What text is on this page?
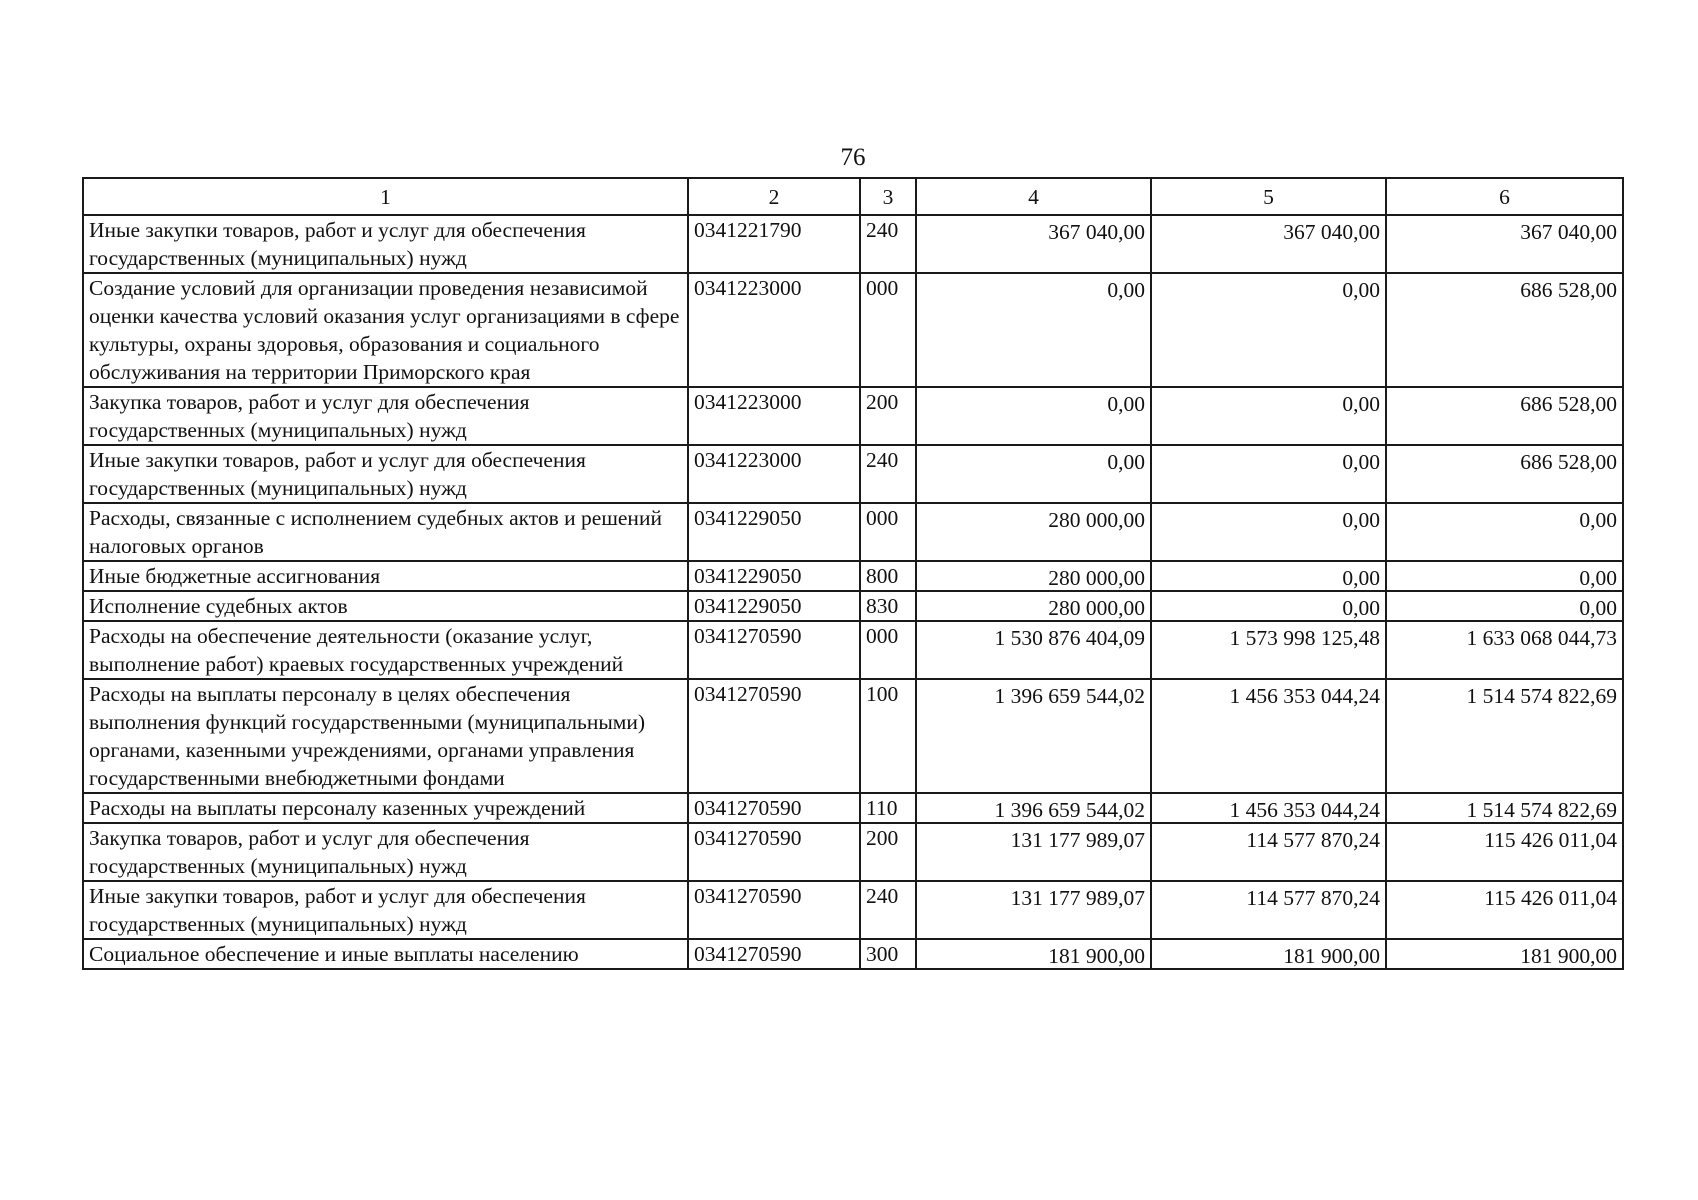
76
1	2	3	4	5	6
Иные закупки товаров, работ и услуг для обеспечения государственных (муниципальных) нужд	0341221790	240	367 040,00	367 040,00	367 040,00
Создание условий для организации проведения независимой оценки качества условий оказания услуг организациями в сфере культуры, охраны здоровья, образования и социального обслуживания на территории Приморского края	0341223000	000	0,00	0,00	686 528,00
Закупка товаров, работ и услуг для обеспечения государственных (муниципальных) нужд	0341223000	200	0,00	0,00	686 528,00
Иные закупки товаров, работ и услуг для обеспечения государственных (муниципальных) нужд	0341223000	240	0,00	0,00	686 528,00
Расходы, связанные с исполнением судебных актов и решений налоговых органов	0341229050	000	280 000,00	0,00	0,00
Иные бюджетные ассигнования	0341229050	800	280 000,00	0,00	0,00
Исполнение судебных актов	0341229050	830	280 000,00	0,00	0,00
Расходы на обеспечение деятельности (оказание услуг, выполнение работ) краевых государственных учреждений	0341270590	000	1 530 876 404,09	1 573 998 125,48	1 633 068 044,73
Расходы на выплаты персоналу в целях обеспечения выполнения функций государственными (муниципальными) органами, казенными учреждениями, органами управления государственными внебюджетными фондами	0341270590	100	1 396 659 544,02	1 456 353 044,24	1 514 574 822,69
Расходы на выплаты персоналу казенных учреждений	0341270590	110	1 396 659 544,02	1 456 353 044,24	1 514 574 822,69
Закупка товаров, работ и услуг для обеспечения государственных (муниципальных) нужд	0341270590	200	131 177 989,07	114 577 870,24	115 426 011,04
Иные закупки товаров, работ и услуг для обеспечения государственных (муниципальных) нужд	0341270590	240	131 177 989,07	114 577 870,24	115 426 011,04
Социальное обеспечение и иные выплаты населению	0341270590	300	181 900,00	181 900,00	181 900,00
